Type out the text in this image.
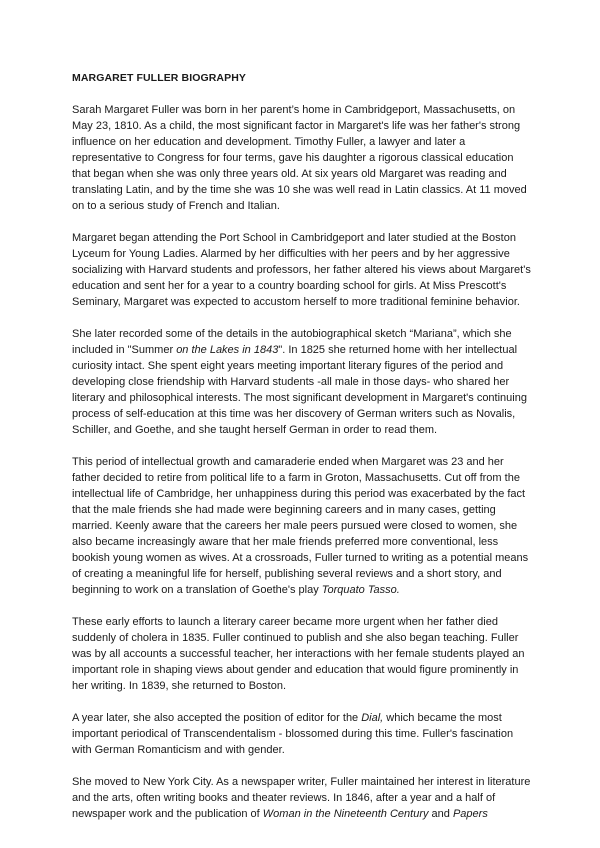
MARGARET FULLER BIOGRAPHY

Sarah Margaret Fuller was born in her parent’s home in Cambridgeport, Massachusetts, on May 23, 1810. As a child, the most significant factor in Margaret's life was her father's strong influence on her education and development. Timothy Fuller, a lawyer and later a representative to Congress for four terms, gave his daughter a rigorous classical education that began when she was only three years old. At six years old Margaret was reading and translating Latin, and by the time she was 10 she was well read in Latin classics. At 11 moved on to a serious study of French and Italian.

Margaret began attending the Port School in Cambridgeport and later studied at the Boston Lyceum for Young Ladies. Alarmed by her difficulties with her peers and by her aggressive socializing with Harvard students and professors, her father altered his views about Margaret's education and sent her for a year to a country boarding school for girls. At Miss Prescott's Seminary, Margaret was expected to accustom herself to more traditional feminine behavior.

She later recorded some of the details in the autobiographical sketch “Mariana”, which she included in "Summer on the Lakes in 1843". In 1825 she returned home with her intellectual curiosity intact. She spent eight years meeting important literary figures of the period and developing close friendship with Harvard students -all male in those days- who shared her literary and philosophical interests. The most significant development in Margaret's continuing process of self-education at this time was her discovery of German writers such as Novalis, Schiller, and Goethe, and she taught herself German in order to read them.

This period of intellectual growth and camaraderie ended when Margaret was 23 and her father decided to retire from political life to a farm in Groton, Massachusetts. Cut off from the intellectual life of Cambridge, her unhappiness during this period was exacerbated by the fact that the male friends she had made were beginning careers and in many cases, getting married. Keenly aware that the careers her male peers pursued were closed to women, she also became increasingly aware that her male friends preferred more conventional, less bookish young women as wives. At a crossroads, Fuller turned to writing as a potential means of creating a meaningful life for herself, publishing several reviews and a short story, and beginning to work on a translation of Goethe's play Torquato Tasso.

These early efforts to launch a literary career became more urgent when her father died suddenly of cholera in 1835. Fuller continued to publish and she also began teaching. Fuller was by all accounts a successful teacher, her interactions with her female students played an important role in shaping views about gender and education that would figure prominently in her writing. In 1839, she returned to Boston.

A year later, she also accepted the position of editor for the Dial, which became the most important periodical of Transcendentalism - blossomed during this time. Fuller's fascination with German Romanticism and with gender.

She moved to New York City. As a newspaper writer, Fuller maintained her interest in literature and the arts, often writing books and theater reviews. In 1846, after a year and a half of newspaper work and the publication of Woman in the Nineteenth Century and Papers
